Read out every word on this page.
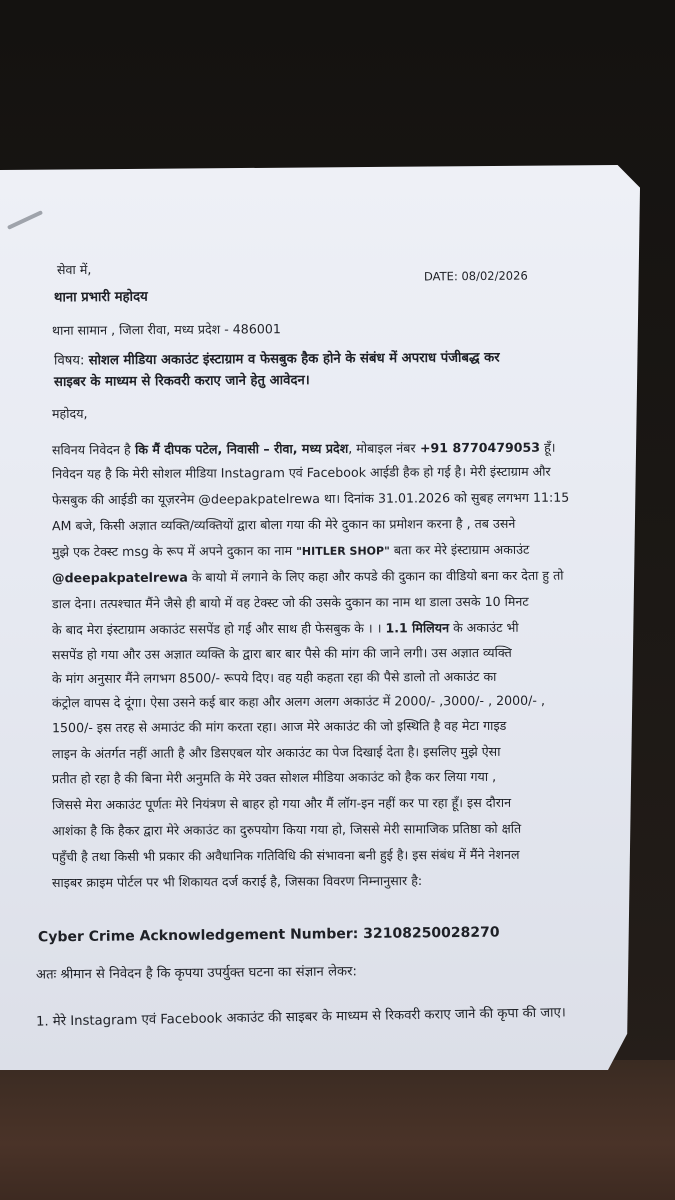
सेवा में,	DATE: 08/02/2026
थाना प्रभारी महोदय
थाना सामान , जिला रीवा, मध्य प्रदेश - 486001
विषय: सोशल मीडिया अकाउंट इंस्टाग्राम व फेसबुक हैक होने के संबंध में अपराध पंजीबद्ध कर
साइबर के माध्यम से रिकवरी कराए जाने हेतु आवेदन।
महोदय,
सविनय निवेदन है कि मैं दीपक पटेल, निवासी – रीवा, मध्य प्रदेश, मोबाइल नंबर +91 8770479053 हूँ।
निवेदन यह है कि मेरी सोशल मीडिया Instagram एवं Facebook आईडी हैक हो गई है। मेरी इंस्टाग्राम और
फेसबुक की आईडी का यूज़रनेम @deepakpatelrewa था। दिनांक 31.01.2026 को सुबह लगभग 11:15
AM बजे, किसी अज्ञात व्यक्ति/व्यक्तियों द्वारा बोला गया की मेरे दुकान का प्रमोशन करना है , तब उसने
मुझे एक टेक्स्ट msg के रूप में अपने दुकान का नाम "HITLER SHOP" बता कर मेरे इंस्टाग्राम अकाउंट
@deepakpatelrewa के बायो में लगाने के लिए कहा और कपडे की दुकान का वीडियो बना कर देता हु तो
डाल देना। तत्पश्चात मैंने जैसे ही बायो में वह टेक्स्ट जो की उसके दुकान का नाम था डाला उसके 10 मिनट
के बाद मेरा इंस्टाग्राम अकाउंट ससपेंड हो गई और साथ ही फेसबुक के । । 1.1 मिलियन के अकाउंट भी
ससपेंड हो गया और उस अज्ञात व्यक्ति के द्वारा बार बार पैसे की मांग की जाने लगी। उस अज्ञात व्यक्ति
के मांग अनुसार मैंने लगभग 8500/- रूपये दिए। वह यही कहता रहा की पैसे डालो तो अकाउंट का
कंट्रोल वापस दे दूंगा। ऐसा उसने कई बार कहा और अलग अलग अकाउंट में 2000/- ,3000/- , 2000/- ,
1500/- इस तरह से अमाउंट की मांग करता रहा। आज मेरे अकाउंट की जो इस्थिति है वह मेटा गाइड
लाइन के अंतर्गत नहीं आती है और डिसएबल योर अकाउंट का पेज दिखाई देता है। इसलिए मुझे ऐसा
प्रतीत हो रहा है की बिना मेरी अनुमति के मेरे उक्त सोशल मीडिया अकाउंट को हैक कर लिया गया ,
जिससे मेरा अकाउंट पूर्णतः मेरे नियंत्रण से बाहर हो गया और मैं लॉग-इन नहीं कर पा रहा हूँ। इस दौरान
आशंका है कि हैकर द्वारा मेरे अकाउंट का दुरुपयोग किया गया हो, जिससे मेरी सामाजिक प्रतिष्ठा को क्षति
पहुँची है तथा किसी भी प्रकार की अवैधानिक गतिविधि की संभावना बनी हुई है। इस संबंध में मैंने नेशनल
साइबर क्राइम पोर्टल पर भी शिकायत दर्ज कराई है, जिसका विवरण निम्नानुसार है:
Cyber Crime Acknowledgement Number: 32108250028270
अतः श्रीमान से निवेदन है कि कृपया उपर्युक्त घटना का संज्ञान लेकर:
1. मेरे Instagram एवं Facebook अकाउंट की साइबर के माध्यम से रिकवरी कराए जाने की कृपा की जाए।
